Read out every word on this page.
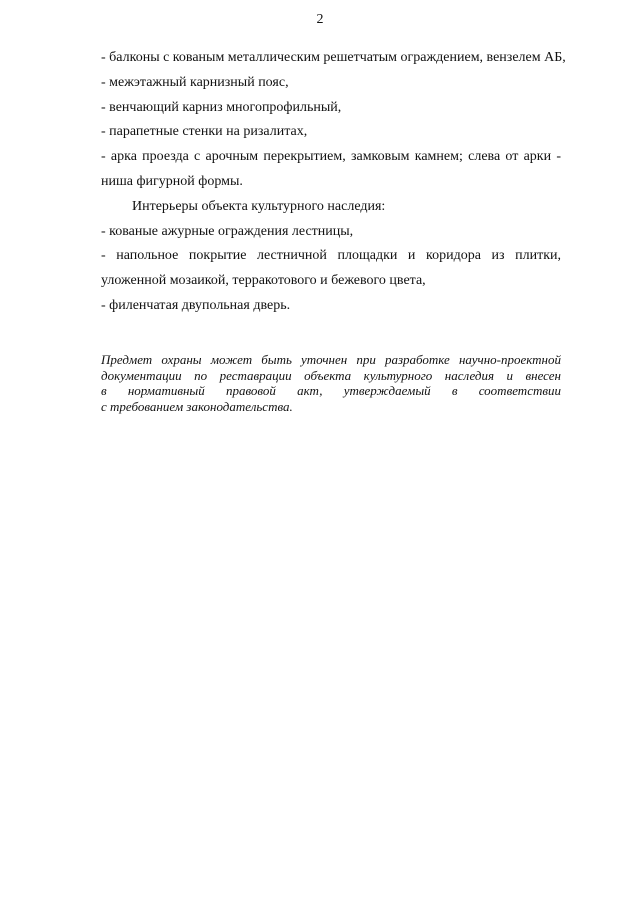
2
- балконы с кованым металлическим решетчатым ограждением, вензелем АБ,
- межэтажный карнизный пояс,
- венчающий карниз многопрофильный,
- парапетные стенки на ризалитах,
- арка проезда с арочным перекрытием, замковым камнем; слева от арки -
ниша фигурной формы.
Интерьеры объекта культурного наследия:
- кованые ажурные ограждения лестницы,
- напольное покрытие лестничной площадки и коридора из плитки,
уложенной мозаикой, терракотового и бежевого цвета,
- филенчатая двупольная дверь.
Предмет охраны может быть уточнен при разработке научно-проектной
документации по реставрации объекта культурного наследия и внесен
в нормативный правовой акт, утверждаемый в соответствии
с требованием законодательства.
